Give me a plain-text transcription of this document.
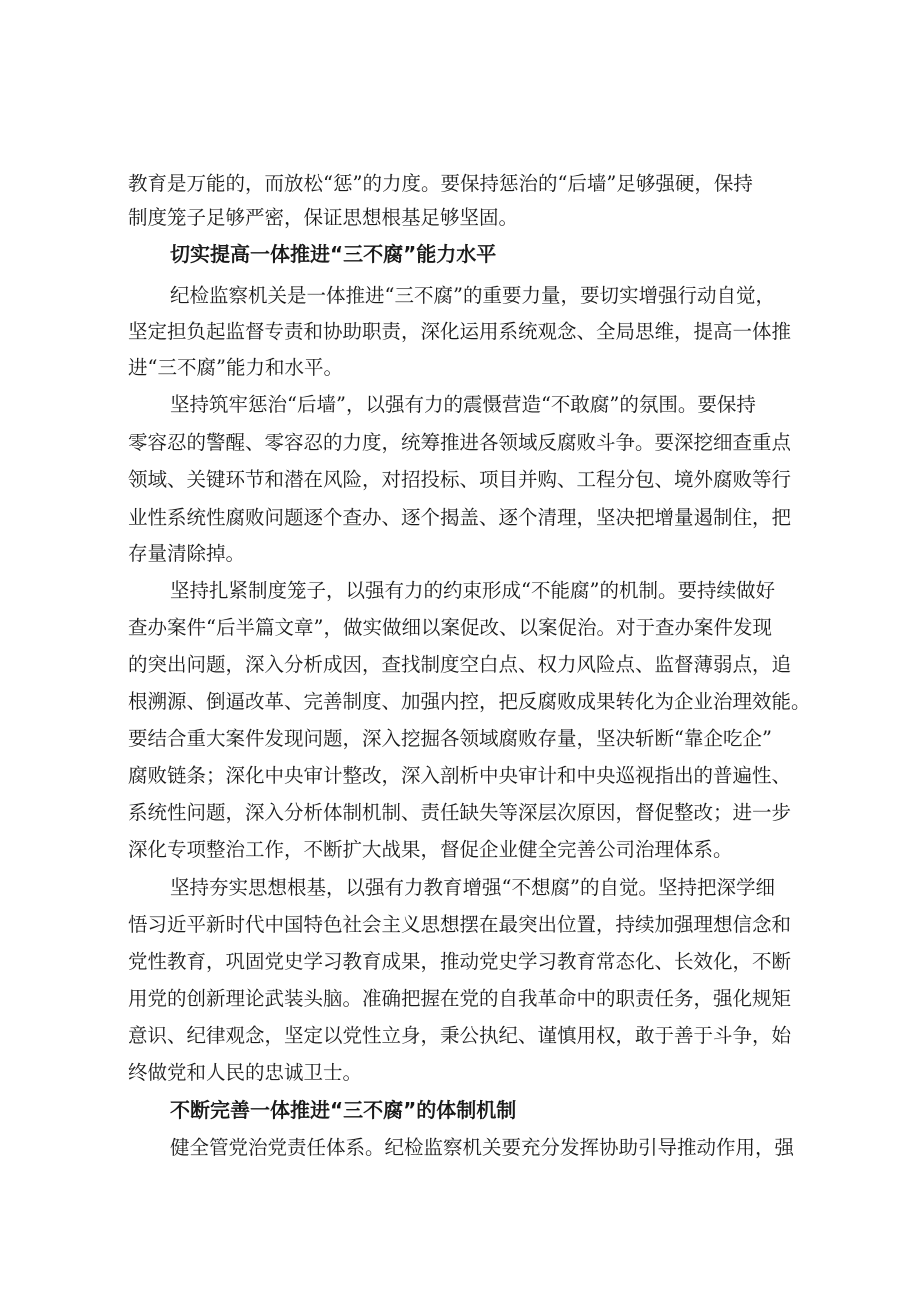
教育是万能的，而放松“惩”的力度。要保持惩治的“后墙”足够强硬，保持
制度笼子足够严密，保证思想根基足够坚固。
切实提高一体推进“三不腐”能力水平
纪检监察机关是一体推进“三不腐”的重要力量，要切实增强行动自觉，
坚定担负起监督专责和协助职责，深化运用系统观念、全局思维，提高一体推
进“三不腐”能力和水平。
坚持筑牢惩治“后墙”，以强有力的震慑营造“不敢腐”的氛围。要保持
零容忍的警醒、零容忍的力度，统筹推进各领域反腐败斗争。要深挖细查重点
领域、关键环节和潜在风险，对招投标、项目并购、工程分包、境外腐败等行
业性系统性腐败问题逐个查办、逐个揭盖、逐个清理，坚决把增量遏制住，把
存量清除掉。
坚持扎紧制度笼子，以强有力的约束形成“不能腐”的机制。要持续做好
查办案件“后半篇文章”，做实做细以案促改、以案促治。对于查办案件发现
的突出问题，深入分析成因，查找制度空白点、权力风险点、监督薄弱点，追
根溯源、倒逼改革、完善制度、加强内控，把反腐败成果转化为企业治理效能。
要结合重大案件发现问题，深入挖掘各领域腐败存量，坚决斩断“靠企吃企”
腐败链条；深化中央审计整改，深入剖析中央审计和中央巡视指出的普遍性、
系统性问题，深入分析体制机制、责任缺失等深层次原因，督促整改；进一步
深化专项整治工作，不断扩大战果，督促企业健全完善公司治理体系。
坚持夯实思想根基，以强有力教育增强“不想腐”的自觉。坚持把深学细
悟习近平新时代中国特色社会主义思想摆在最突出位置，持续加强理想信念和
党性教育，巩固党史学习教育成果，推动党史学习教育常态化、长效化，不断
用党的创新理论武装头脑。准确把握在党的自我革命中的职责任务，强化规矩
意识、纪律观念，坚定以党性立身，秉公执纪、谨慎用权，敢于善于斗争，始
终做党和人民的忠诚卫士。
不断完善一体推进“三不腐”的体制机制
健全管党治党责任体系。纪检监察机关要充分发挥协助引导推动作用，强
